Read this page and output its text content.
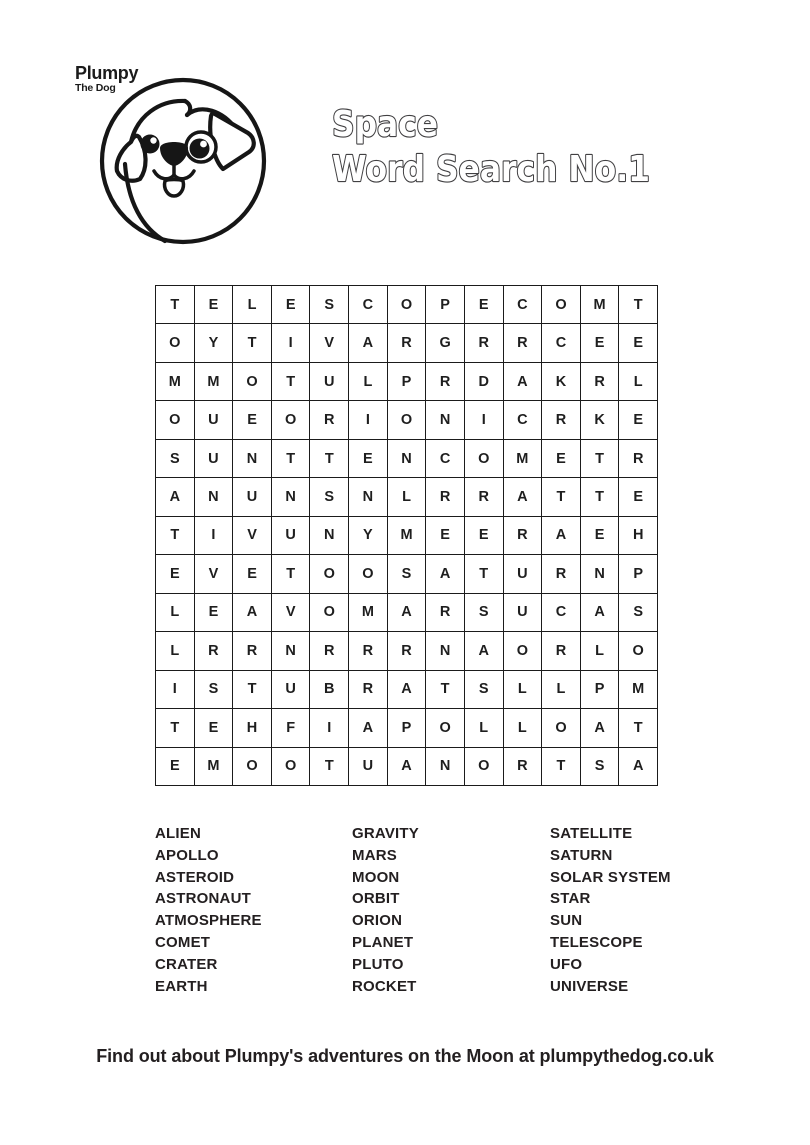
Plumpy
The Dog
Space
Word Search No.1
T	E	L	E	S	C	O	P	E	C	O	M	T
O	Y	T	I	V	A	R	G	R	R	C	E	E
M	M	O	T	U	L	P	R	D	A	K	R	L
O	U	E	O	R	I	O	N	I	C	R	K	E
S	U	N	T	T	E	N	C	O	M	E	T	R
A	N	U	N	S	N	L	R	R	A	T	T	E
T	I	V	U	N	Y	M	E	E	R	A	E	H
E	V	E	T	O	O	S	A	T	U	R	N	P
L	E	A	V	O	M	A	R	S	U	C	A	S
L	R	R	N	R	R	R	N	A	O	R	L	O
I	S	T	U	B	R	A	T	S	L	L	P	M
T	E	H	F	I	A	P	O	L	L	O	A	T
E	M	O	O	T	U	A	N	O	R	T	S	A
ALIEN
APOLLO
ASTEROID
ASTRONAUT
ATMOSPHERE
COMET
CRATER
EARTH
GRAVITY
MARS
MOON
ORBIT
ORION
PLANET
PLUTO
ROCKET
SATELLITE
SATURN
SOLAR SYSTEM
STAR
SUN
TELESCOPE
UFO
UNIVERSE
Find out about Plumpy's adventures on the Moon at plumpythedog.co.uk
